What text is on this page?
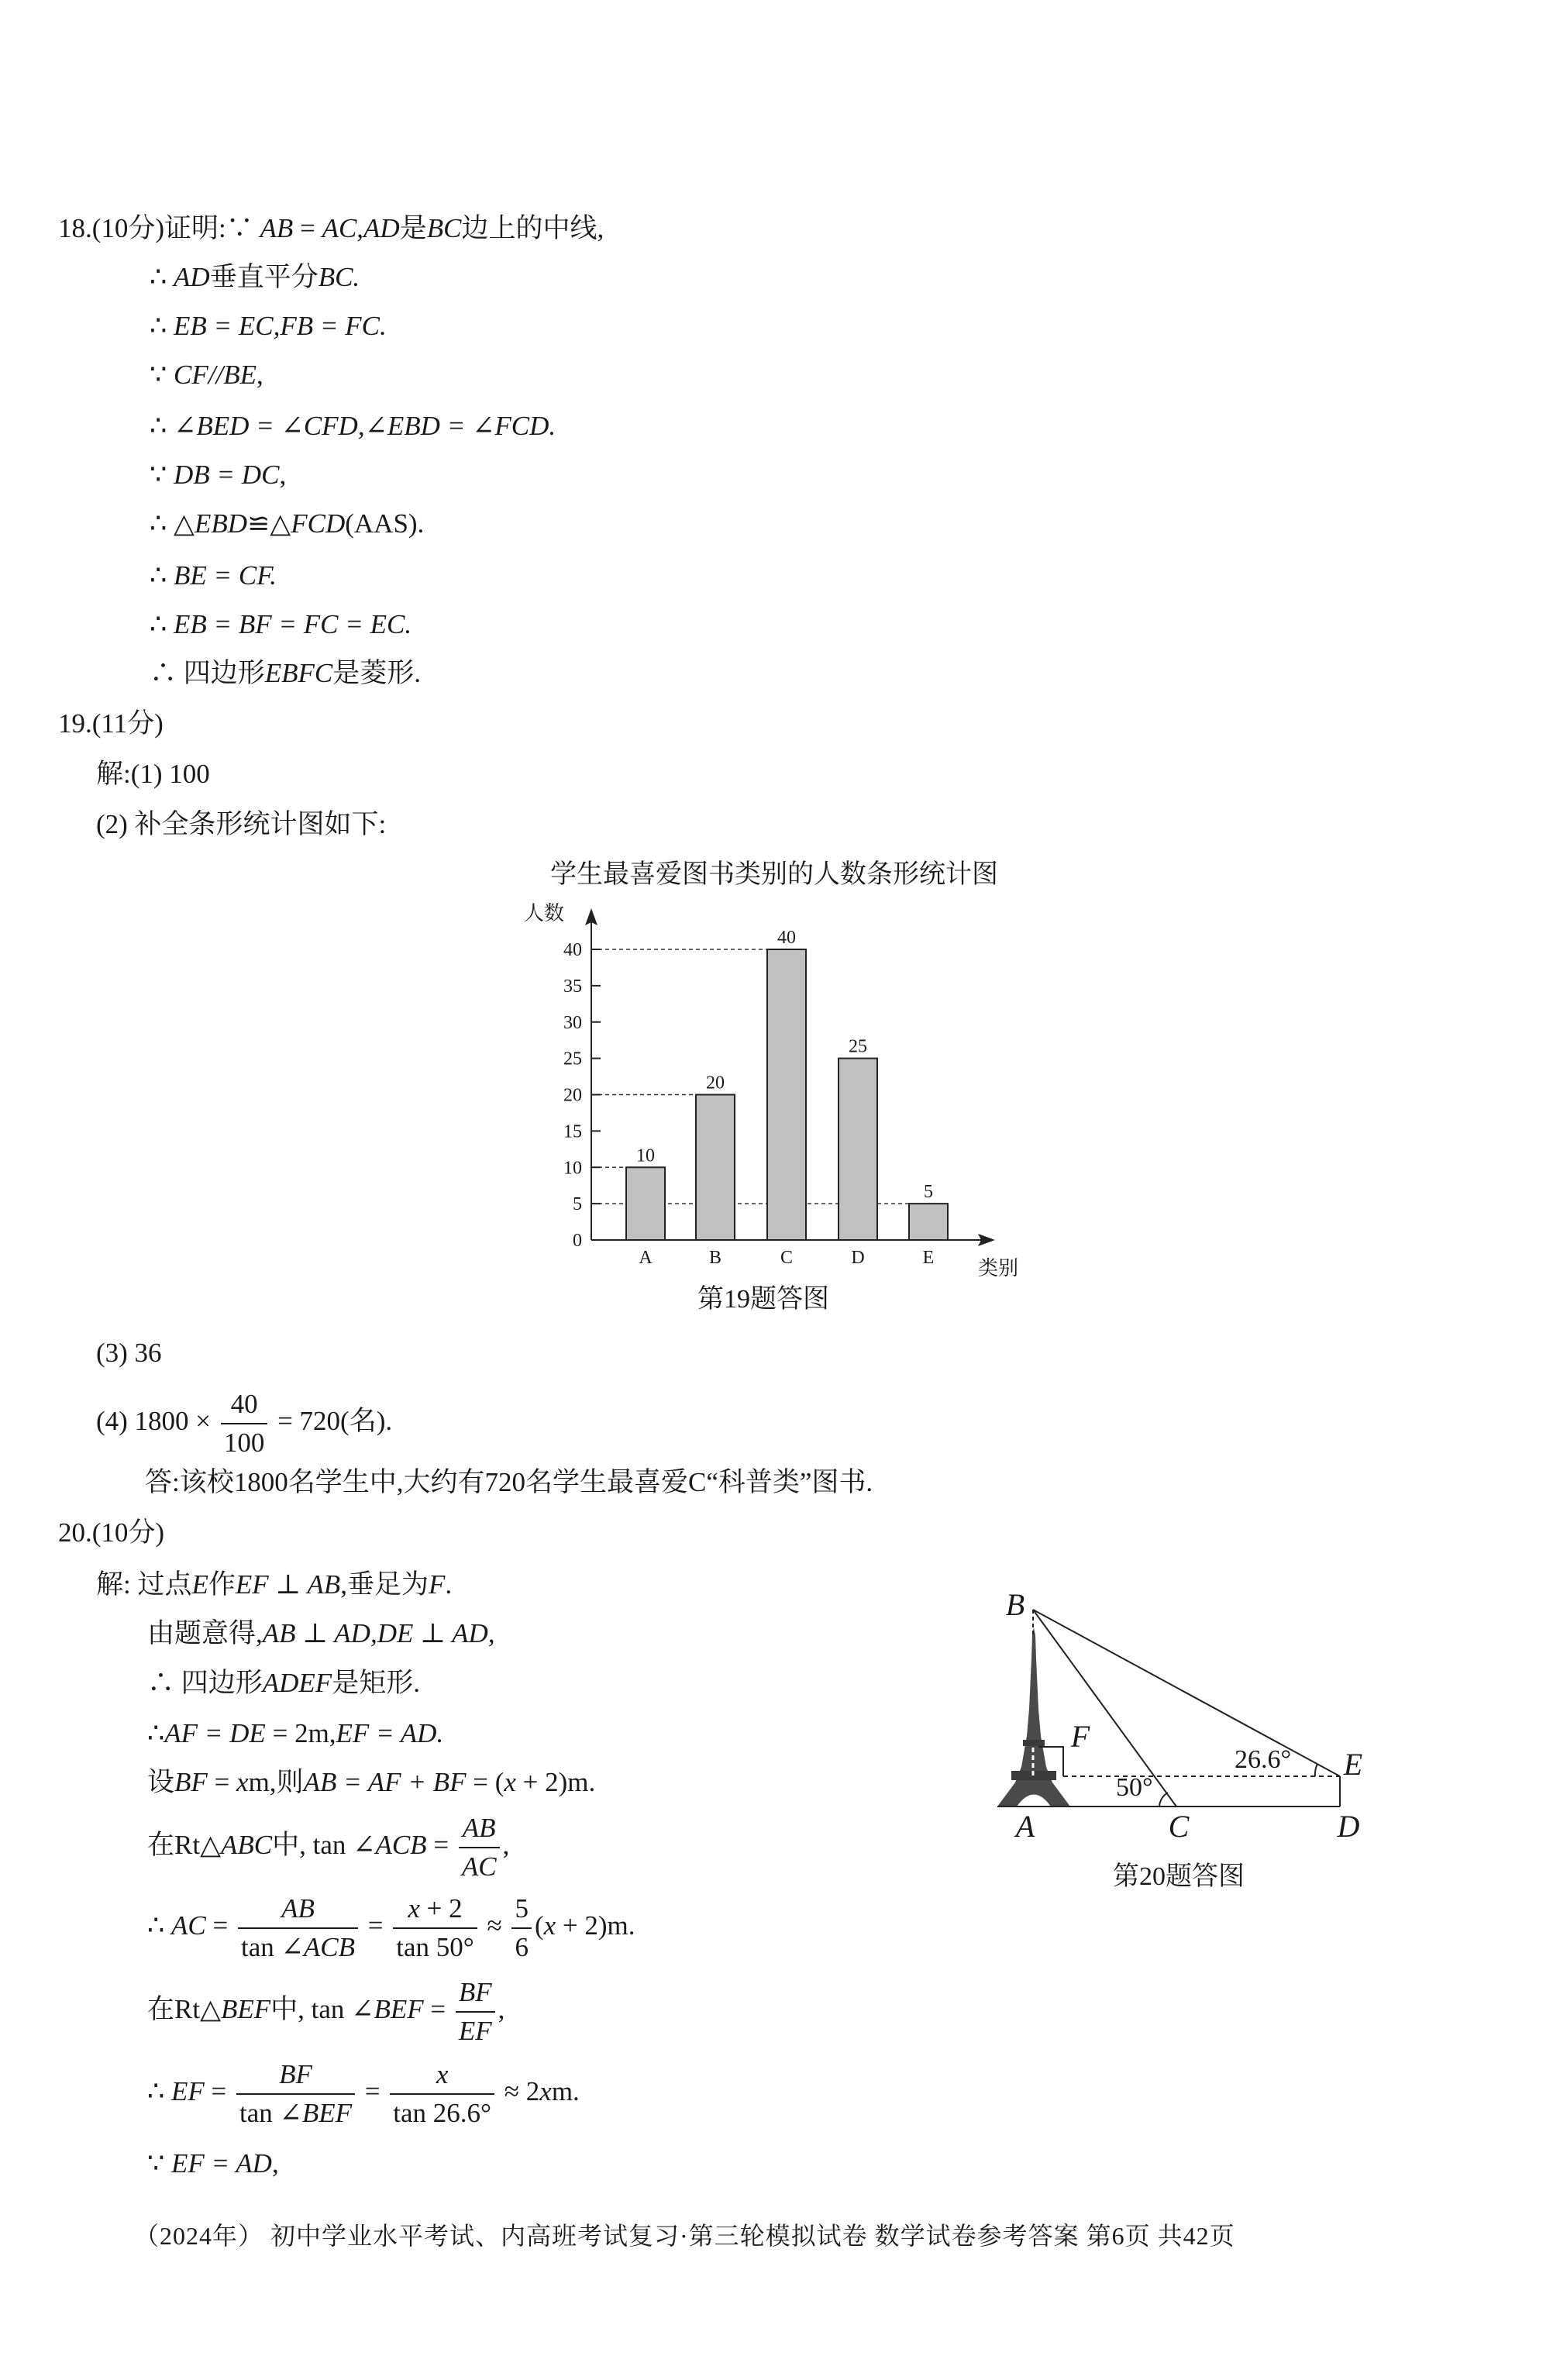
18.(10分)证明:∵ AB = AC,AD是BC边上的中线,
∴ AD垂直平分BC.
∴ EB = EC,FB = FC.
∵ CF//BE,
∴ ∠BED = ∠CFD,∠EBD = ∠FCD.
∵ DB = DC,
∴ △EBD≌△FCD(AAS).
∴ BE = CF.
∴ EB = BF = FC = EC.
∴ 四边形EBFC是菱形.
19.(11分)
解:(1) 100
(2) 补全条形统计图如下:
学生最喜爱图书类别的人数条形统计图
人数
类别
10
A
20
B
40
C
25
D
5
E
0
5
10
15
20
25
30
35
40
第19题答图
(3) 36
(4) $1800 \times \frac{40}{100} = 720$(名).
答:该校1800名学生中,大约有720名学生最喜爱C“科普类”图书.
20.(10分)
解: 过点E作EF ⊥ AB,垂足为F.
由题意得,AB ⊥ AD,DE ⊥ AD,
∴ 四边形ADEF是矩形.
∴AF = DE = 2m,EF = AD.
设BF = xm,则AB = AF + BF = (x + 2)m.
在Rt△ABC中, tan ∠ACB = $\frac{AB}{AC}$ ,
∴ AC = $\frac{AB}{\text{tan ∠ACB}} = \frac{x + 2}{\tan 50^\circ} \approx \frac{5}{6} (x + 2)m$.
在Rt△BEF中, tan ∠BEF = $\frac{BF}{EF}$ ,
∴ EF = $\frac{BF}{\text{tan ∠BEF}} = \frac{x}{\tan 26.6^\circ} \approx 2xm$.
∵ EF = AD,
B
F
E
A	C	D
50°
26.6°
第20题答图
（2024年） 初中学业水平考试、内高班考试复习·第三轮模拟试卷 数学试卷参考答案 第6页 共42页
